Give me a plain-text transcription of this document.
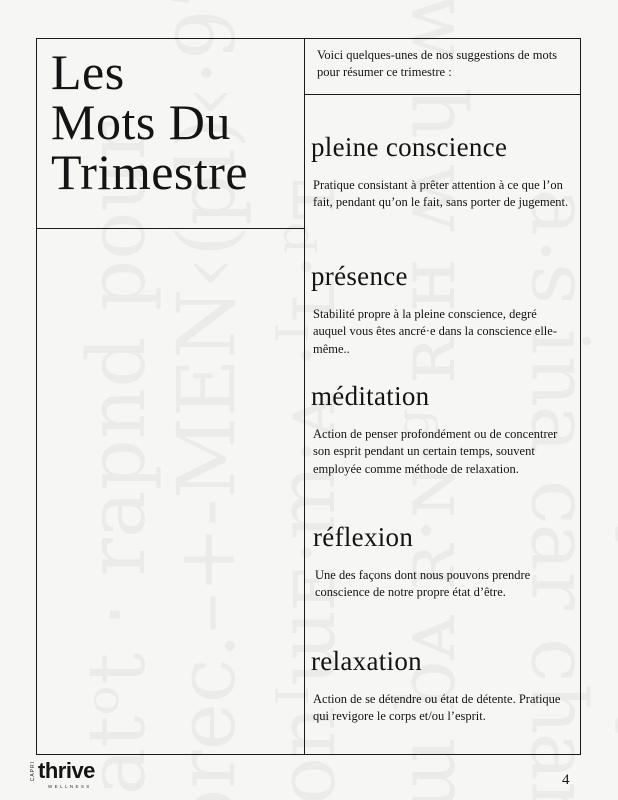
Les
Mots Du
Trimestre
Voici quelques-unes de nos suggestions de mots pour résumer ce trimestre :
pleine conscience

Pratique consistant à prêter attention à ce que l’on fait, pendant qu’on le fait, sans porter de jugement.

présence

Stabilité propre à la pleine conscience, degré auquel vous êtes ancré·e dans la conscience elle-même..

méditation

Action de penser profondément ou de concentrer son esprit pendant un certain temps, souvent employée comme méthode de relaxation.

réflexion

Une des façons dont nous pouvons prendre conscience de notre propre état d’être.

relaxation

Action de se détendre ou état de détente. Pratique qui revigore le corps et/ou l’esprit.

CAPRI thrive
WELLNESS	4
